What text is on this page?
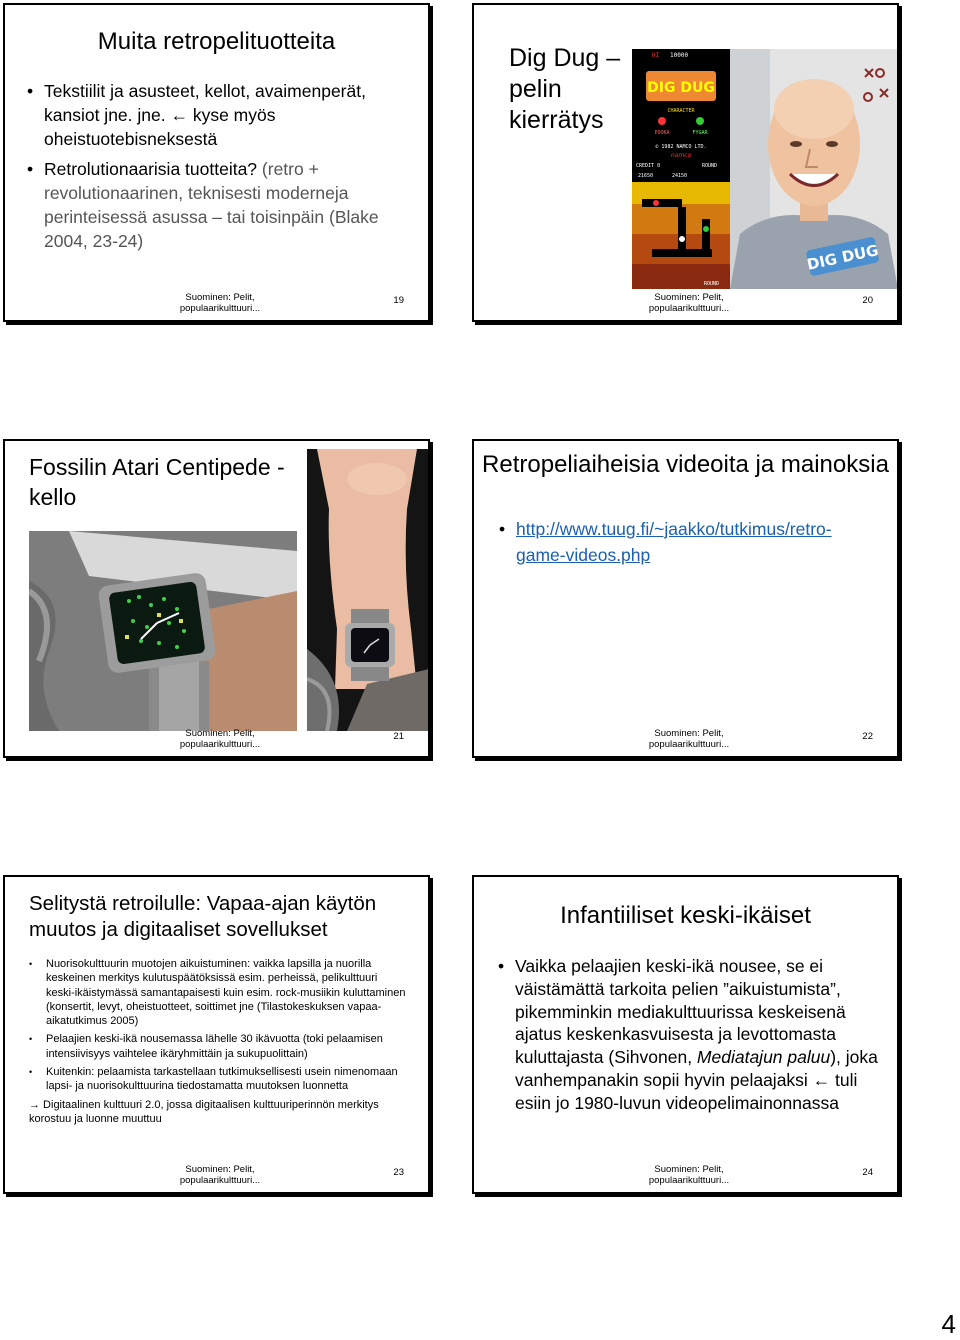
Muita retropelituotteita
• Tekstiilit ja asusteet, kellot, avaimenperät, kansiot jne. jne. ← kyse myös oheistuotebisneksestä
• Retrolutionaarisia tuotteita? (retro + revolutionaarinen, teknisesti moderneja perinteisessä asussa – tai toisinpäin (Blake 2004, 23-24)
Suominen: Pelit,
populaarikulttuuri...
19
Dig Dug – pelin kierrätys
HI 10000
DIG DUG
CHARACTER
POOKA	FYGAR
© 1982 NAMCO LTD.
namco
CREDIT 0	ROUND
21650	24150
ROUND
DIG DUG
Suominen: Pelit,
populaarikulttuuri...
20
Fossilin Atari Centipede - kello
Suominen: Pelit,
populaarikulttuuri...
21
Retropeliaiheisia videoita ja mainoksia
• http://www.tuug.fi/~jaakko/tutkimus/retro-game-videos.php
Suominen: Pelit,
populaarikulttuuri...
22
Selitystä retroilulle: Vapaa-ajan käytön muutos ja digitaaliset sovellukset
• Nuorisokulttuurin muotojen aikuistuminen: vaikka lapsilla ja nuorilla keskeinen merkitys kulutuspäätöksissä esim. perheissä, pelikulttuuri keski-ikäistymässä samantapaisesti kuin esim. rock-musiikin kuluttaminen (konsertit, levyt, oheistuotteet, soittimet jne (Tilastokeskuksen vapaa-aikatutkimus 2005)
• Pelaajien keski-ikä nousemassa lähelle 30 ikävuotta (toki pelaamisen intensiivisyys vaihtelee ikäryhmittäin ja sukupuolittain)
• Kuitenkin: pelaamista tarkastellaan tutkimuksellisesti usein nimenomaan lapsi- ja nuorisokulttuurina tiedostamatta muutoksen luonnetta
→ Digitaalinen kulttuuri 2.0, jossa digitaalisen kulttuuriperinnön merkitys korostuu ja luonne muuttuu
Suominen: Pelit,
populaarikulttuuri...
23
Infantiiliset keski-ikäiset
• Vaikka pelaajien keski-ikä nousee, se ei väistämättä tarkoita pelien ”aikuistumista”, pikemminkin mediakulttuurissa keskeisenä ajatus keskenkasvuisesta ja levottomasta kuluttajasta (Sihvonen, Mediatajun paluu), joka vanhempanakin sopii hyvin pelaajaksi ← tuli esiin jo 1980-luvun videopelimainonnassa
Suominen: Pelit,
populaarikulttuuri...
24
4
